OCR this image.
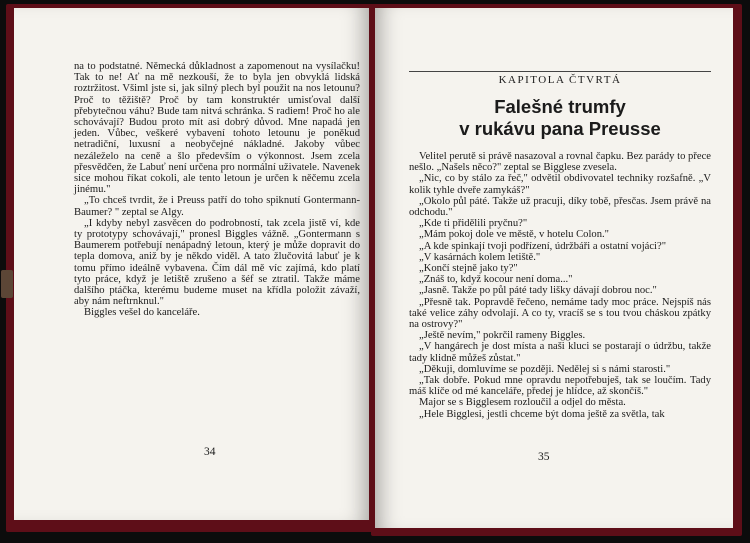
na to podstatné. Německá důkladnost a zapomenout na vysílačku! Tak to ne! Ať na mě nezkouší, že to byla jen obvyklá lidská roztržitost. Všiml jste si, jak silný plech byl použit na nos letounu? Proč to těžiště? Proč by tam konstruktér umisťoval další přebytečnou váhu? Bude tam nitvá schránka. S radiem! Proč ho ale schovávají? Budou proto mít asi dobrý důvod. Mne napadá jen jeden. Vůbec, veškeré vybavení tohoto letounu je poněkud netradiční, luxusní a neobyčejné nákladné. Jakoby vůbec nezáleželo na ceně a šlo především o výkonnost. Jsem zcela přesvědčen, že Labuť není určena pro normální uživatele. Navenek sice mohou říkat cokoli, ale tento letoun je určen k něčemu zcela jinému."

„To chceš tvrdit, že i Preuss patří do toho spiknutí Gontermann- Baumer? " zeptal se Algy.

„I kdyby nebyl zasvěcen do podrobností, tak zcela jistě ví, kde ty prototypy schovávají," pronesl Biggles vážně. „Gontermann s Baumerem potřebují nenápadný letoun, který je může dopravit do tepla domova, aniž by je někdo viděl. A tato žlučovitá labuť je k tomu přímo ideálně vybavena. Čím dál mě víc zajímá, kdo platí tyto práce, když je letiště zrušeno a šéf se ztratil. Takže máme dalšího ptáčka, kterému budeme muset na křídla položit závaží, aby nám neftrnknul."

Biggles vešel do kanceláře.

34
KAPITOLA ČTVRTÁ
Falešné trumfy
v rukávu pana Preusse

Velitel perutě si právě nasazoval a rovnal čapku. Bez parády to přece nešlo. „Našels něco?" zeptal se Bigglese zvesela.

„Nic, co by stálo za řeč," odvětil obdivovatel techniky rozšafně. „V kolik tyhle dveře zamykáš?"

„Okolo půl páté. Takže už pracuji, díky tobě, přesčas. Jsem právě na odchodu."

„Kde ti přidělili pryčnu?"

„Mám pokoj dole ve městě, v hotelu Colon."

„A kde spinkají tvoji podřízení, údržbáři a ostatní vojáci?"

„V kasárnách kolem letiště."

„Končí stejně jako ty?"

„Znáš to, když kocour není doma..."

„Jasně. Takže po půl páté tady lišky dávají dobrou noc."

„Přesně tak. Popravdě řečeno, nemáme tady moc práce. Nejspíš nás také velice záhy odvolají. A co ty, vracíš se s tou tvou cháskou zpátky na ostrovy?"

„Ještě nevím," pokrčil rameny Biggles.

„V hangárech je dost místa a naši kluci se postarají o údržbu, takže tady klidně můžeš zůstat."

„Děkuji, domluvíme se později. Nedělej si s námi starosti."

„Tak dobře. Pokud mne opravdu nepotřebuješ, tak se loučím. Tady máš klíče od mé kanceláře, předej je hlídce, až skončíš."

Major se s Bigglesem rozloučil a odjel do města.

„Hele Bigglesi, jestli chceme být doma ještě za světla, tak

35
